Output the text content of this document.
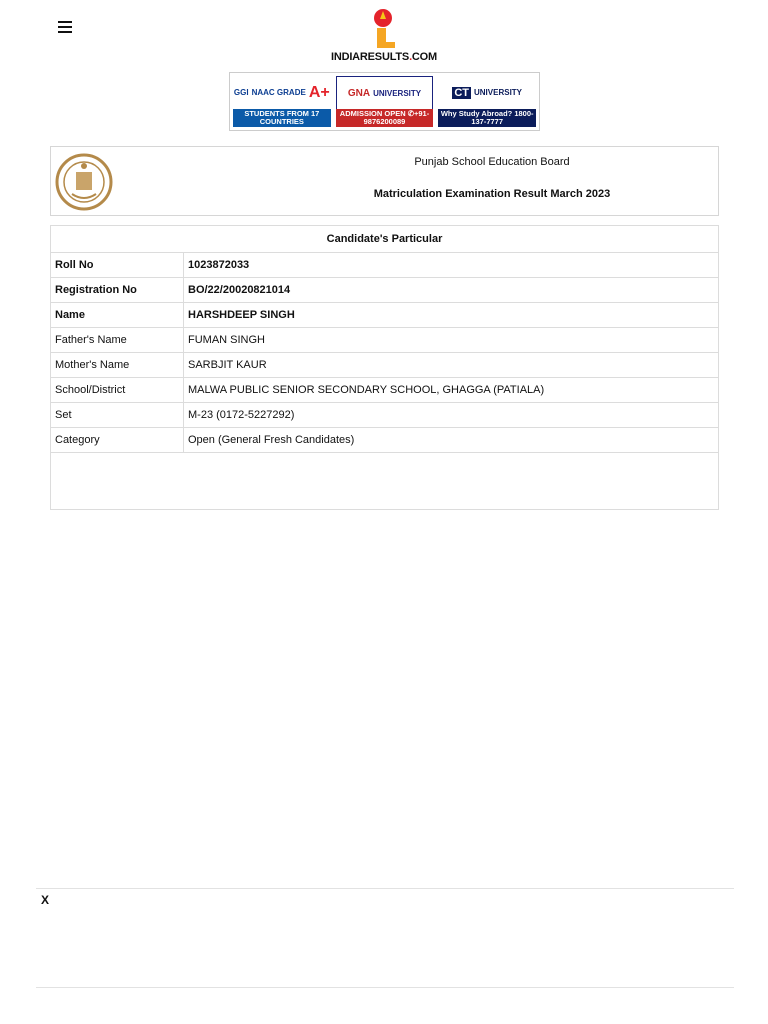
INDIARESULTS.COM
GGI NAAC GRADE A+
STUDENTS FROM 17 COUNTRIES
GNA UNIVERSITY
ADMISSION OPEN ✆+91-9876200089
CT UNIVERSITY
Why Study Abroad? 1800-137-7777
Punjab School Education Board
Matriculation Examination Result March 2023
Candidate's Particular	
Roll No	1023872033
Registration No	BO/22/20020821014
Name	HARSHDEEP SINGH
Father's Name	FUMAN SINGH
Mother's Name	SARBJIT KAUR
School/District	MALWA PUBLIC SENIOR SECONDARY SCHOOL, GHAGGA (PATIALA)
Set	M-23 (0172-5227292)
Category	Open (General Fresh Candidates)

X
